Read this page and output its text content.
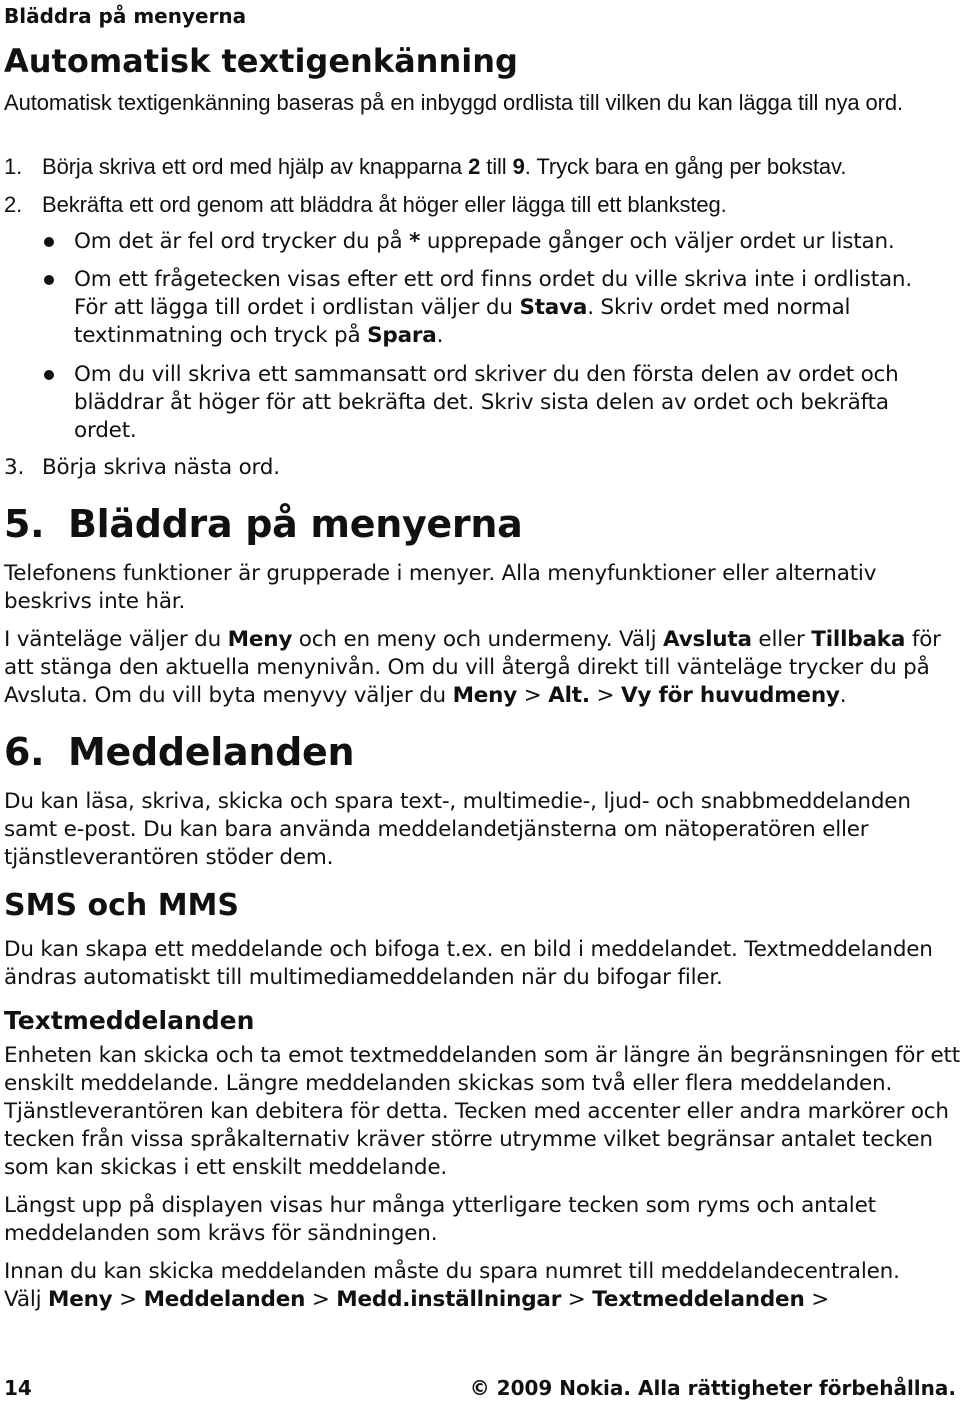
Bläddra på menyerna
Automatisk textigenkänning

Automatisk textigenkänning baseras på en inbyggd ordlista till vilken du kan lägga till nya ord.

1. Börja skriva ett ord med hjälp av knapparna 2 till 9. Tryck bara en gång per bokstav.
2. Bekräfta ett ord genom att bläddra åt höger eller lägga till ett blanksteg.

Om det är fel ord trycker du på * upprepade gånger och väljer ordet ur listan.

Om ett frågetecken visas efter ett ord finns ordet du ville skriva inte i ordlistan.
För att lägga till ordet i ordlistan väljer du Stava. Skriv ordet med normal
textinmatning och tryck på Spara.

Om du vill skriva ett sammansatt ord skriver du den första delen av ordet och bläddrar åt höger för att bekräfta det. Skriv sista delen av ordet och bekräfta ordet.

3. Börja skriva nästa ord.

5. Bläddra på menyerna

Telefonens funktioner är grupperade i menyer. Alla menyfunktioner eller alternativ beskrivs inte här.

I vänteläge väljer du Meny och en meny och undermeny. Välj Avsluta eller Tillbaka för att stänga den aktuella menynivån. Om du vill återgå direkt till vänteläge trycker du på Avsluta. Om du vill byta menyvy väljer du Meny > Alt. > Vy för huvudmeny.

6. Meddelanden

Du kan läsa, skriva, skicka och spara text-, multimedie-, ljud- och snabbmeddelanden samt e-post. Du kan bara använda meddelandetjänsterna om nätoperatören eller tjänstleverantören stöder dem.

SMS och MMS

Du kan skapa ett meddelande och bifoga t.ex. en bild i meddelandet. Textmeddelanden ändras automatiskt till multimediameddelanden när du bifogar filer.

Textmeddelanden

Enheten kan skicka och ta emot textmeddelanden som är längre än begränsningen för ett enskilt meddelande. Längre meddelanden skickas som två eller flera meddelanden. Tjänstleverantören kan debitera för detta. Tecken med accenter eller andra markörer och tecken från vissa språkalternativ kräver större utrymme vilket begränsar antalet tecken som kan skickas i ett enskilt meddelande.

Längst upp på displayen visas hur många ytterligare tecken som ryms och antalet meddelanden som krävs för sändningen.

Innan du kan skicka meddelanden måste du spara numret till meddelandecentralen.
Välj Meny > Meddelanden > Medd.inställningar > Textmeddelanden >

14	© 2009 Nokia. Alla rättigheter förbehållna.
